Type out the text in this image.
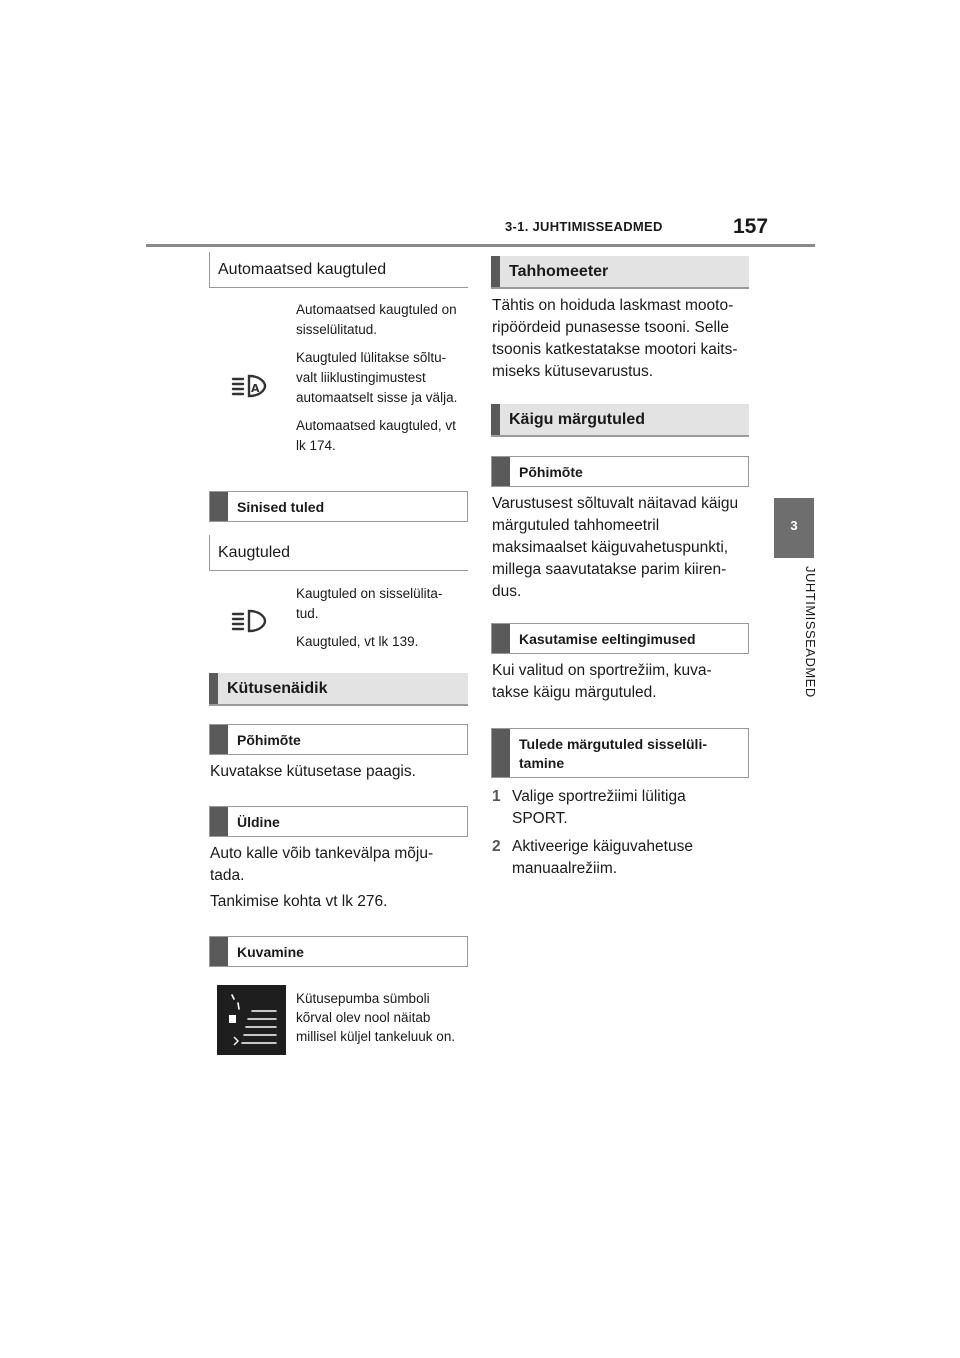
3-1. JUHTIMISSEADMED	157
3
JUHTIMISSEADMED
Automaatsed kaugtuled
A

Automaatsed kaugtuled on sisselülitatud.

Kaugtuled lülitakse sõltu- valt liiklustingimustest automaatselt sisse ja välja.

Automaatsed kaugtuled, vt lk 174.

Sinised tuled
Kaugtuled

Kaugtuled on sisselülita- tud.

Kaugtuled, vt lk 139.

Kütusenäidik
Põhimõte
Kuvatakse kütusetase paagis.
Üldine
Auto kalle võib tankevälpa mõju- tada.
Tankimise kohta vt lk 276.
Kuvamine
Kütusepumba sümboli kõrval olev nool näitab millisel küljel tankeluuk on.
Tahhomeeter
Tähtis on hoiduda laskmast mooto- ripöördeid punasesse tsooni. Selle tsoonis katkestatakse mootori kaits- miseks kütusevarustus.
Käigu märgutuled
Põhimõte
Varustusest sõltuvalt näitavad käigu märgutuled tahhomeetril maksimaalset käiguvahetuspunkti, millega saavutatakse parim kiiren- dus.
Kasutamise eeltingimused
Kui valitud on sportrežiim, kuva- takse käigu märgutuled.
Tulede märgutuled sisselüli- tamine
1 Valige sportrežiimi lülitiga SPORT.
2 Aktiveerige käiguvahetuse manuaalrežiim.
